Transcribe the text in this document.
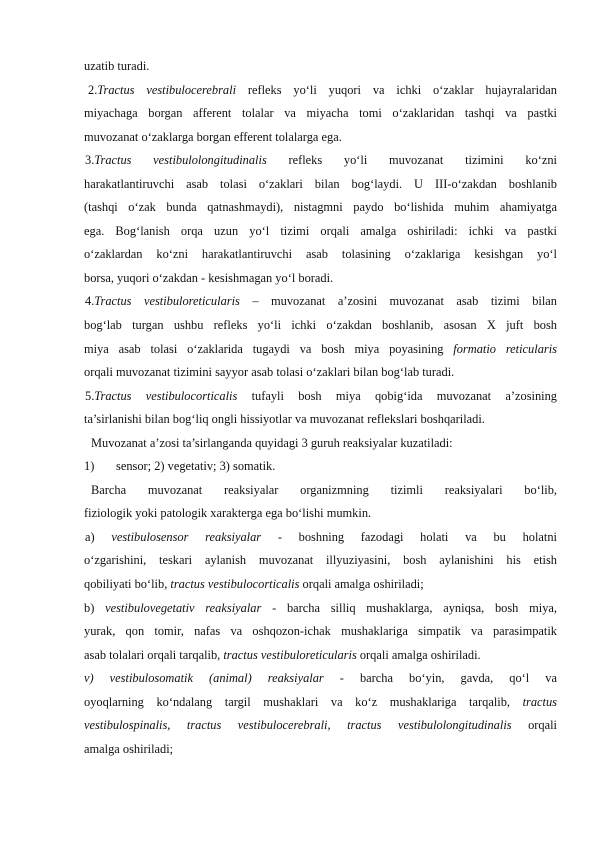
uzatib turadi.
2.Tractus vestibulocerebrali refleks yo‘li yuqori va ichki o‘zaklar hujayralaridan
miyachaga borgan afferent tolalar va miyacha tomi o‘zaklaridan tashqi va pastki
muvozanat o‘zaklarga borgan efferent tolalarga ega.
3.Tractus vestibulolongitudinalis refleks yo‘li muvozanat tizimini ko‘zni
harakatlantiruvchi asab tolasi o‘zaklari bilan bog‘laydi. U III-o‘zakdan boshlanib
(tashqi o‘zak bunda qatnashmaydi), nistagmni paydo bo‘lishida muhim ahamiyatga
ega. Bog‘lanish orqa uzun yo‘l tizimi orqali amalga oshiriladi: ichki va pastki
o‘zaklardan ko‘zni harakatlantiruvchi asab tolasining o‘zaklariga kesishgan yo‘l
borsa, yuqori o‘zakdan - kesishmagan yo‘l boradi.
4.Tractus vestibuloreticularis – muvozanat a’zosini muvozanat asab tizimi bilan
bog‘lab turgan ushbu refleks yo‘li ichki o‘zakdan boshlanib, asosan X juft bosh
miya asab tolasi o‘zaklarida tugaydi va bosh miya poyasining formatio reticularis
orqali muvozanat tizimini sayyor asab tolasi o‘zaklari bilan bog‘lab turadi.
5.Tractus vestibulocorticalis tufayli bosh miya qobig‘ida muvozanat a’zosining
ta’sirlanishi bilan bog‘liq ongli hissiyotlar va muvozanat reflekslari boshqariladi.
Muvozanat a’zosi ta’sirlanganda quyidagi 3 guruh reaksiyalar kuzatiladi:
1) sensor; 2) vegetativ; 3) somatik.
Barcha muvozanat reaksiyalar organizmning tizimli reaksiyalari bo‘lib,
fiziologik yoki patologik xarakterga ega bo‘lishi mumkin.
a) vestibulosensor reaksiyalar - boshning fazodagi holati va bu holatni
o‘zgarishini, teskari aylanish muvozanat illyuziyasini, bosh aylanishini his etish
qobiliyati bo‘lib, tractus vestibulocorticalis orqali amalga oshiriladi;
b) vestibulovegetativ reaksiyalar - barcha silliq mushaklarga, ayniqsa, bosh miya,
yurak, qon tomir, nafas va oshqozon-ichak mushaklariga simpatik va parasimpatik
asab tolalari orqali tarqalib, tractus vestibuloreticularis orqali amalga oshiriladi.
v) vestibulosomatik (animal) reaksiyalar - barcha bo‘yin, gavda, qo‘l va
oyoqlarning ko‘ndalang targil mushaklari va ko‘z mushaklariga tarqalib, tractus
vestibulospinalis, tractus vestibulocerebrali, tractus vestibulolongitudinalis orqali
amalga oshiriladi;
